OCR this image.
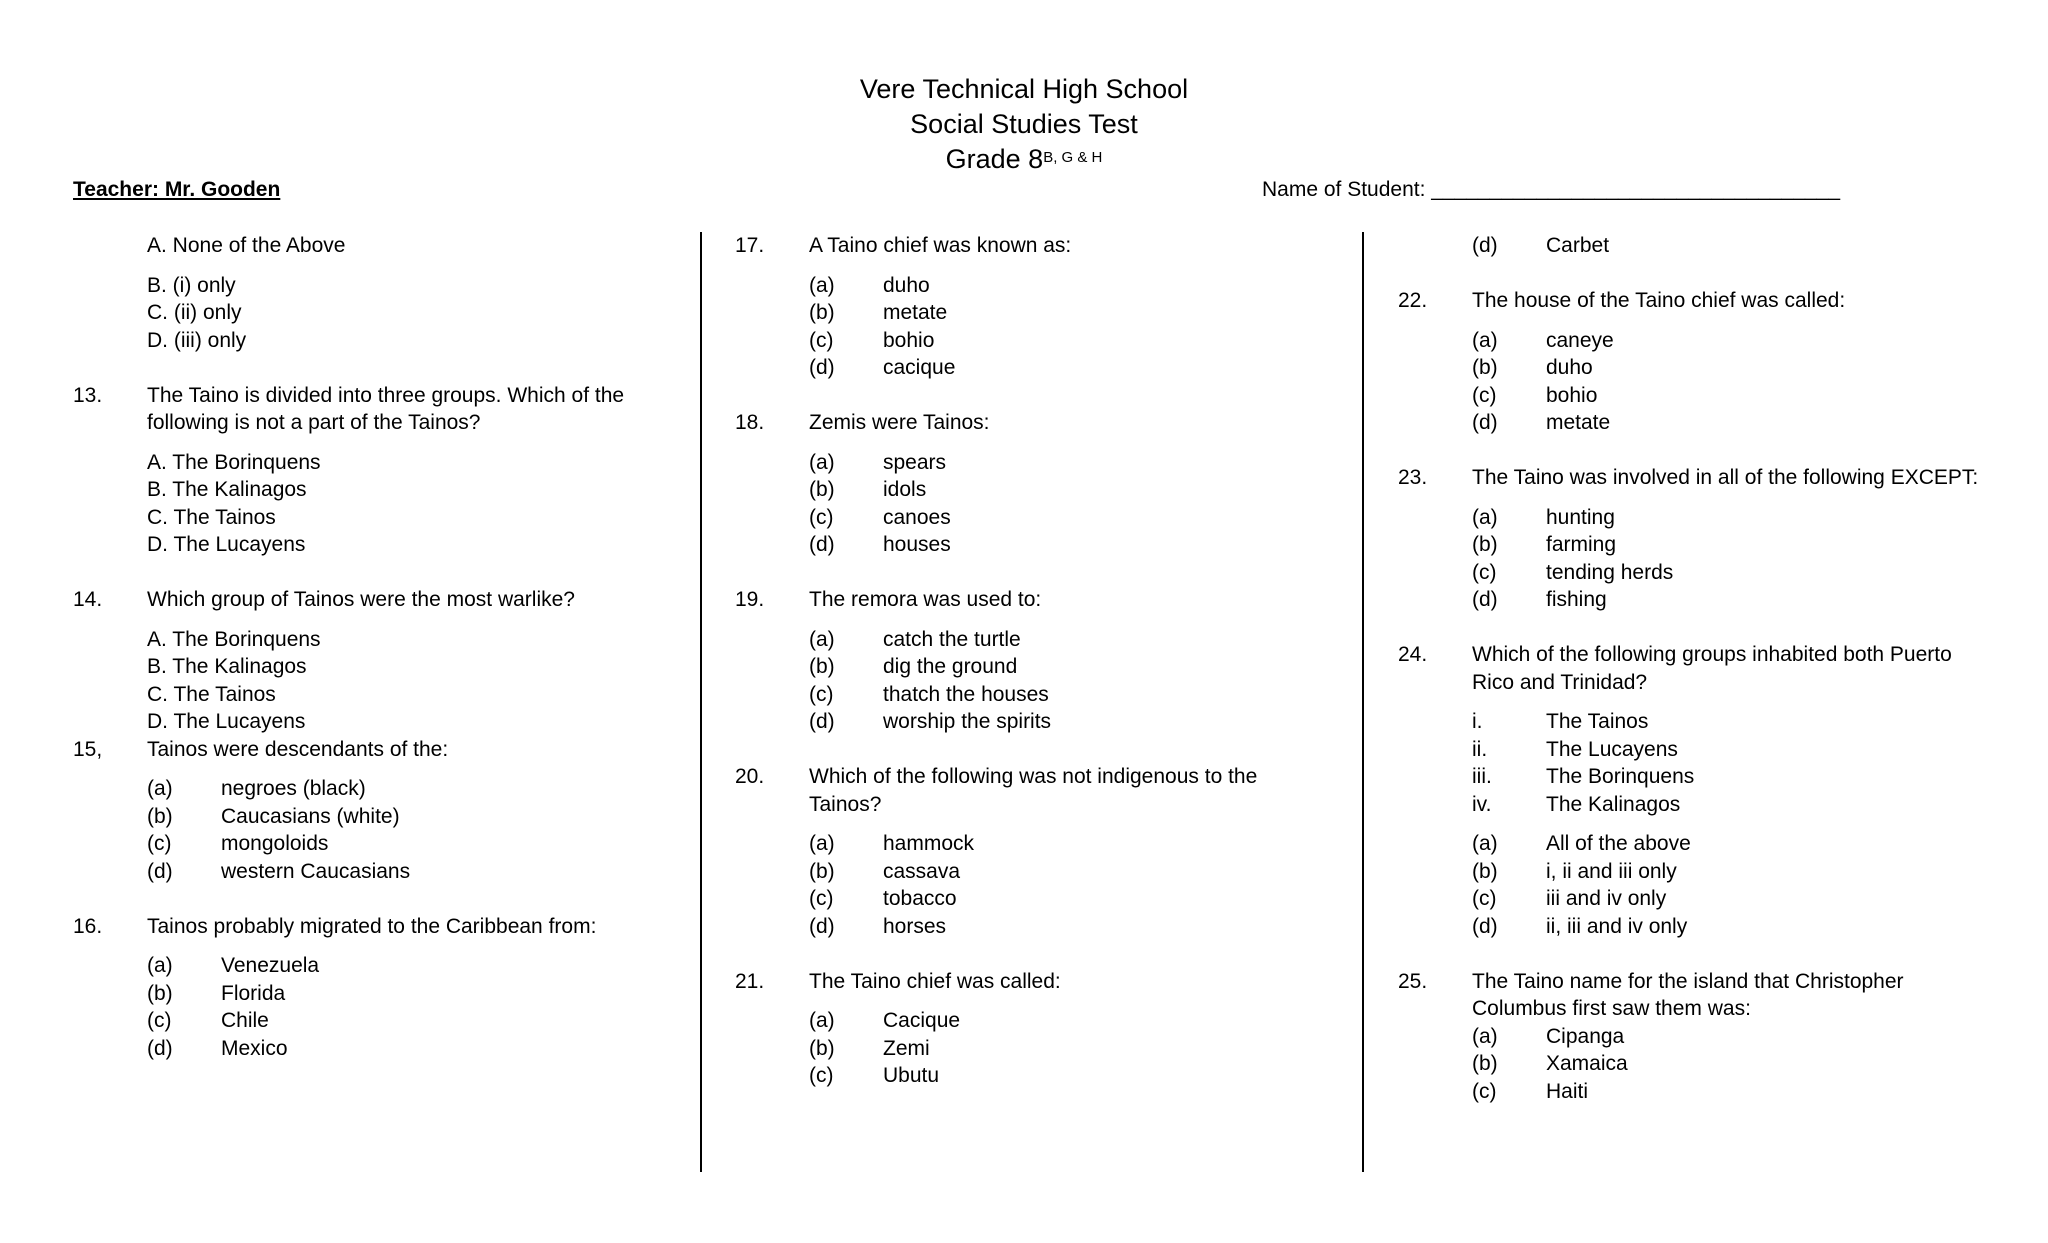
Vere Technical High School
Social Studies Test
Grade $8^{B, G \& H}$
Teacher: Mr. Gooden	Name of Student: ___________________________________
A. None of the Above
B. (i) only
C. (ii) only
D. (iii) only
13.	The Taino is divided into three groups. Which of the following is not a part of the Tainos?
A. The Borinquens
B. The Kalinagos
C. The Tainos
D. The Lucayens
14.	Which group of Tainos were the most warlike?
A. The Borinquens
B. The Kalinagos
C. The Tainos
D. The Lucayens
15,	Tainos were descendants of the:
(a)	negroes (black)
(b)	Caucasians (white)
(c)	mongoloids
(d)	western Caucasians
16.	Tainos probably migrated to the Caribbean from:
(a)	Venezuela
(b)	Florida
(c)	Chile
(d)	Mexico
17.	A Taino chief was known as:
(a)	duho
(b)	metate
(c)	bohio
(d)	cacique
18.	Zemis were Tainos:
(a)	spears
(b)	idols
(c)	canoes
(d)	houses
19.	The remora was used to:
(a)	catch the turtle
(b)	dig the ground
(c)	thatch the houses
(d)	worship the spirits
20.	Which of the following was not indigenous to the Tainos?
(a)	hammock
(b)	cassava
(c)	tobacco
(d)	horses
21.	The Taino chief was called:
(a)	Cacique
(b)	Zemi
(c)	Ubutu
(d)	Carbet
22.	The house of the Taino chief was called:
(a)	caneye
(b)	duho
(c)	bohio
(d)	metate
23.	The Taino was involved in all of the following EXCEPT:
(a)	hunting
(b)	farming
(c)	tending herds
(d)	fishing
24.	Which of the following groups inhabited both Puerto Rico and Trinidad?
i.	The Tainos
ii.	The Lucayens
iii.	The Borinquens
iv.	The Kalinagos
(a)	All of the above
(b)	i, ii and iii only
(c)	iii and iv only
(d)	ii, iii and iv only
25.	The Taino name for the island that Christopher Columbus first saw them was:
(a)	Cipanga
(b)	Xamaica
(c)	Haiti
